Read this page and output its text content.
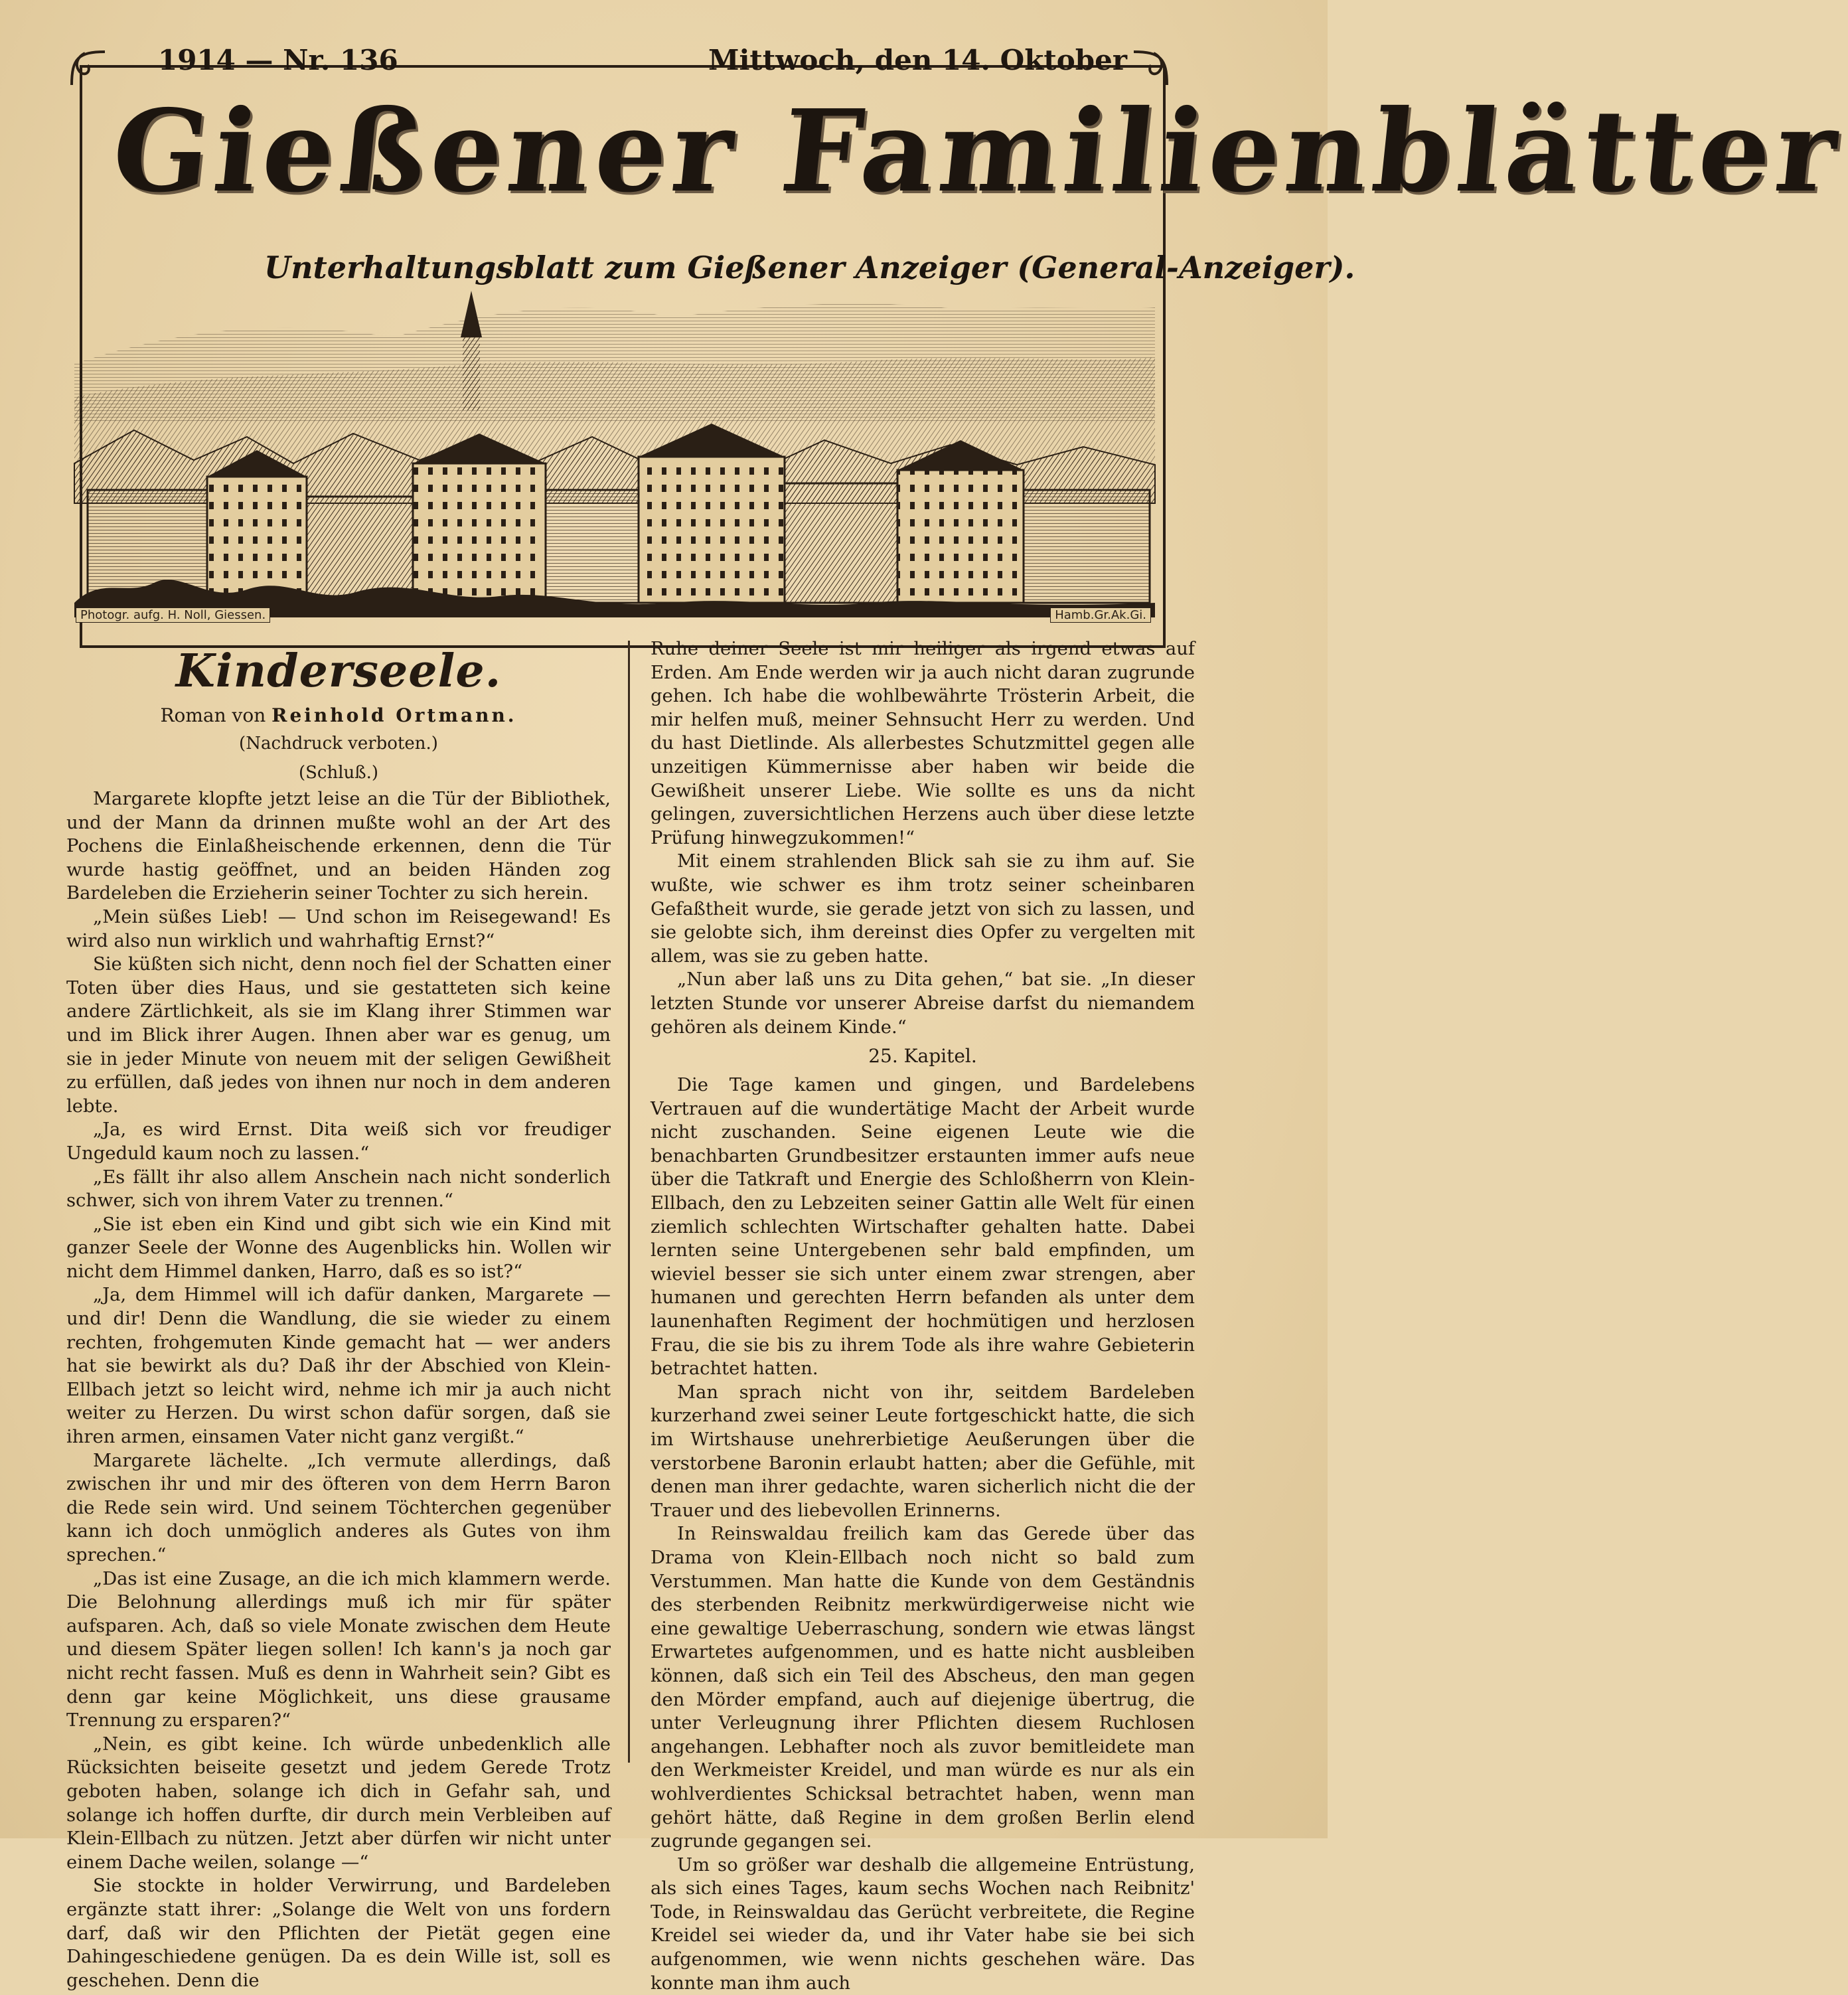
1914 — Nr. 136	Mittwoch, den 14. Oktober
Gießener Familienblätter
Unterhaltungsblatt zum Gießener Anzeiger (General-Anzeiger).
Photogr. aufg. H. Noll, Giessen.	Hamb.Gr.Ak.Gi.
Kinderseele.
Roman von Reinhold Ortmann.
(Nachdruck verboten.)
(Schluß.)

Margarete klopfte jetzt leise an die Tür der Bibliothek, und der Mann da drinnen mußte wohl an der Art des Pochens die Einlaßheischende erkennen, denn die Tür wurde hastig geöffnet, und an beiden Händen zog Bardeleben die Erzieherin seiner Tochter zu sich herein.

„Mein süßes Lieb! — Und schon im Reisegewand! Es wird also nun wirklich und wahrhaftig Ernst?“

Sie küßten sich nicht, denn noch fiel der Schatten einer Toten über dies Haus, und sie gestatteten sich keine andere Zärtlichkeit, als sie im Klang ihrer Stimmen war und im Blick ihrer Augen. Ihnen aber war es genug, um sie in jeder Minute von neuem mit der seligen Gewißheit zu erfüllen, daß jedes von ihnen nur noch in dem anderen lebte.

„Ja, es wird Ernst. Dita weiß sich vor freudiger Ungeduld kaum noch zu lassen.“

„Es fällt ihr also allem Anschein nach nicht sonderlich schwer, sich von ihrem Vater zu trennen.“

„Sie ist eben ein Kind und gibt sich wie ein Kind mit ganzer Seele der Wonne des Augenblicks hin. Wollen wir nicht dem Himmel danken, Harro, daß es so ist?“

„Ja, dem Himmel will ich dafür danken, Margarete — und dir! Denn die Wandlung, die sie wieder zu einem rechten, frohgemuten Kinde gemacht hat — wer anders hat sie bewirkt als du? Daß ihr der Abschied von Klein-Ellbach jetzt so leicht wird, nehme ich mir ja auch nicht weiter zu Herzen. Du wirst schon dafür sorgen, daß sie ihren armen, einsamen Vater nicht ganz vergißt.“

Margarete lächelte. „Ich vermute allerdings, daß zwischen ihr und mir des öfteren von dem Herrn Baron die Rede sein wird. Und seinem Töchterchen gegenüber kann ich doch unmöglich anderes als Gutes von ihm sprechen.“

„Das ist eine Zusage, an die ich mich klammern werde. Die Belohnung allerdings muß ich mir für später aufsparen. Ach, daß so viele Monate zwischen dem Heute und diesem Später liegen sollen! Ich kann's ja noch gar nicht recht fassen. Muß es denn in Wahrheit sein? Gibt es denn gar keine Möglichkeit, uns diese grausame Trennung zu ersparen?“

„Nein, es gibt keine. Ich würde unbedenklich alle Rücksichten beiseite gesetzt und jedem Gerede Trotz geboten haben, solange ich dich in Gefahr sah, und solange ich hoffen durfte, dir durch mein Verbleiben auf Klein-Ellbach zu nützen. Jetzt aber dürfen wir nicht unter einem Dache weilen, solange —“

Sie stockte in holder Verwirrung, und Bardeleben ergänzte statt ihrer: „Solange die Welt von uns fordern darf, daß wir den Pflichten der Pietät gegen eine Dahingeschiedene genügen. Da es dein Wille ist, soll es geschehen. Denn die

Ruhe deiner Seele ist mir heiliger als irgend etwas auf Erden. Am Ende werden wir ja auch nicht daran zugrunde gehen. Ich habe die wohlbewährte Trösterin Arbeit, die mir helfen muß, meiner Sehnsucht Herr zu werden. Und du hast Dietlinde. Als allerbestes Schutzmittel gegen alle unzeitigen Kümmernisse aber haben wir beide die Gewißheit unserer Liebe. Wie sollte es uns da nicht gelingen, zuversichtlichen Herzens auch über diese letzte Prüfung hinwegzukommen!“

Mit einem strahlenden Blick sah sie zu ihm auf. Sie wußte, wie schwer es ihm trotz seiner scheinbaren Gefaßtheit wurde, sie gerade jetzt von sich zu lassen, und sie gelobte sich, ihm dereinst dies Opfer zu vergelten mit allem, was sie zu geben hatte.

„Nun aber laß uns zu Dita gehen,“ bat sie. „In dieser letzten Stunde vor unserer Abreise darfst du niemandem gehören als deinem Kinde.“

25. Kapitel.

Die Tage kamen und gingen, und Bardelebens Vertrauen auf die wundertätige Macht der Arbeit wurde nicht zuschanden. Seine eigenen Leute wie die benachbarten Grundbesitzer erstaunten immer aufs neue über die Tatkraft und Energie des Schloßherrn von Klein-Ellbach, den zu Lebzeiten seiner Gattin alle Welt für einen ziemlich schlechten Wirtschafter gehalten hatte. Dabei lernten seine Untergebenen sehr bald empfinden, um wieviel besser sie sich unter einem zwar strengen, aber humanen und gerechten Herrn befanden als unter dem launenhaften Regiment der hochmütigen und herzlosen Frau, die sie bis zu ihrem Tode als ihre wahre Gebieterin betrachtet hatten.

Man sprach nicht von ihr, seitdem Bardeleben kurzerhand zwei seiner Leute fortgeschickt hatte, die sich im Wirtshause unehrerbietige Aeußerungen über die verstorbene Baronin erlaubt hatten; aber die Gefühle, mit denen man ihrer gedachte, waren sicherlich nicht die der Trauer und des liebevollen Erinnerns.

In Reinswaldau freilich kam das Gerede über das Drama von Klein-Ellbach noch nicht so bald zum Verstummen. Man hatte die Kunde von dem Geständnis des sterbenden Reibnitz merkwürdigerweise nicht wie eine gewaltige Ueberraschung, sondern wie etwas längst Erwartetes aufgenommen, und es hatte nicht ausbleiben können, daß sich ein Teil des Abscheus, den man gegen den Mörder empfand, auch auf diejenige übertrug, die unter Verleugnung ihrer Pflichten diesem Ruchlosen angehangen. Lebhafter noch als zuvor bemitleidete man den Werkmeister Kreidel, und man würde es nur als ein wohlverdientes Schicksal betrachtet haben, wenn man gehört hätte, daß Regine in dem großen Berlin elend zugrunde gegangen sei.

Um so größer war deshalb die allgemeine Entrüstung, als sich eines Tages, kaum sechs Wochen nach Reibnitz' Tode, in Reinswaldau das Gerücht verbreitete, die Regine Kreidel sei wieder da, und ihr Vater habe sie bei sich aufgenommen, wie wenn nichts geschehen wäre. Das konnte man ihm auch
